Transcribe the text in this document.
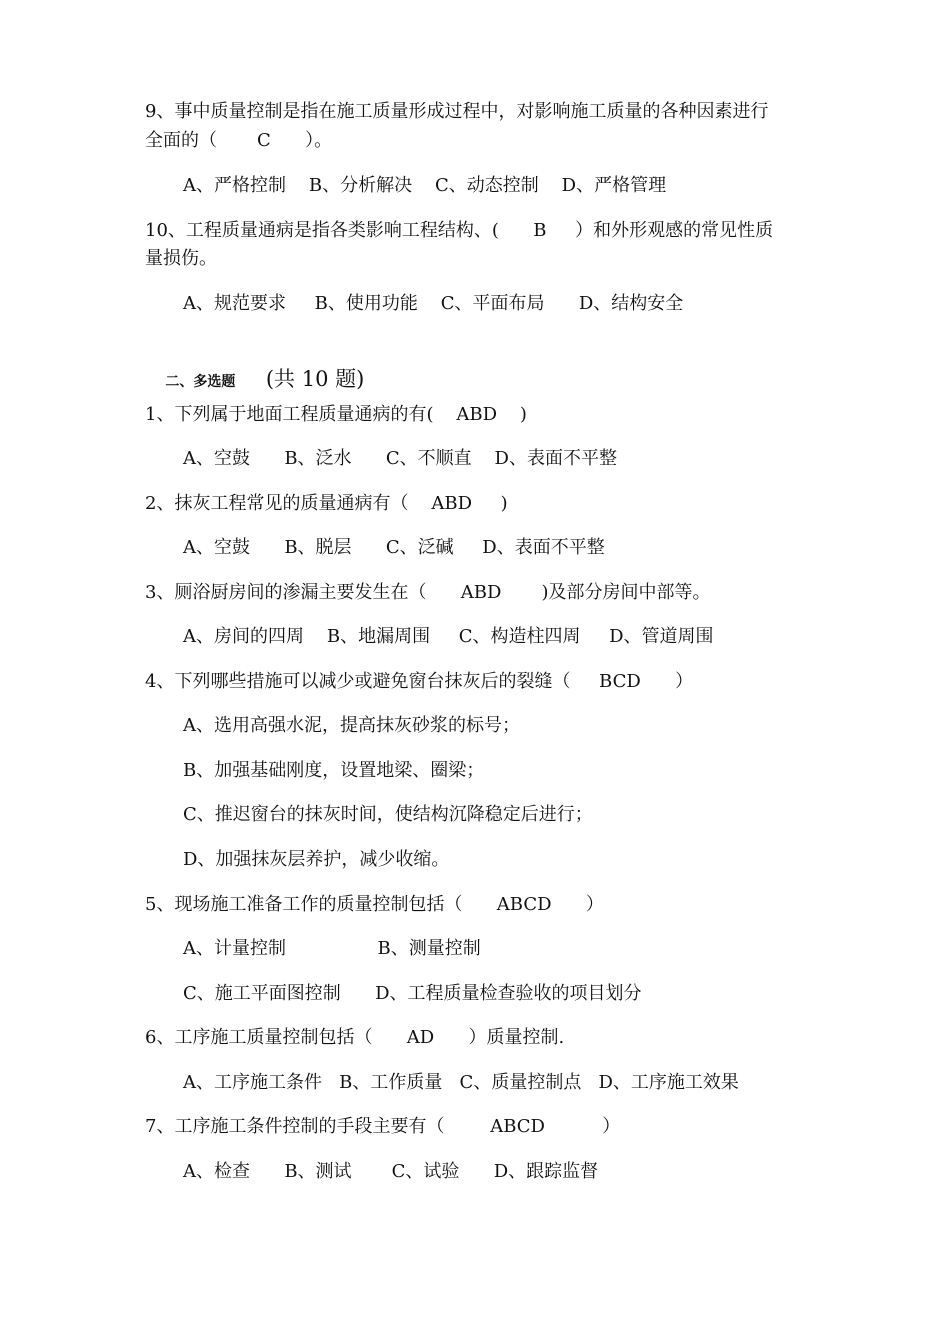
9、事中质量控制是指在施工质量形成过程中，对影响施工质量的各种因素进行
全面的（       C      ）。
A、严格控制    B、分析解决    C、动态控制    D、严格管理
10、工程质量通病是指各类影响工程结构、(      B     ）和外形观感的常见性质
量损伤。
A、规范要求     B、使用功能    C、平面布局      D、结构安全

二、多选题 (共 10 题)

1、下列属于地面工程质量通病的有(    ABD    )
A、空鼓      B、泛水      C、不顺直    D、表面不平整
2、抹灰工程常见的质量通病有（    ABD     )
A、空鼓      B、脱层      C、泛碱     D、表面不平整
3、厕浴厨房间的渗漏主要发生在（      ABD       )及部分房间中部等。
A、房间的四周    B、地漏周围     C、构造柱四周     D、管道周围
4、下列哪些措施可以减少或避免窗台抹灰后的裂缝（     BCD      ）
A、选用高强水泥，提高抹灰砂浆的标号；
B、加强基础刚度，设置地梁、圈梁；
C、推迟窗台的抹灰时间，使结构沉降稳定后进行；
D、加强抹灰层养护，减少收缩。
5、现场施工准备工作的质量控制包括（      ABCD      ）
A、计量控制                B、测量控制
C、施工平面图控制      D、工程质量检查验收的项目划分
6、工序施工质量控制包括（      AD      ）质量控制.
A、工序施工条件   B、工作质量   C、质量控制点   D、工序施工效果
7、工序施工条件控制的手段主要有（        ABCD          ）
A、检查      B、测试       C、试验      D、跟踪监督
